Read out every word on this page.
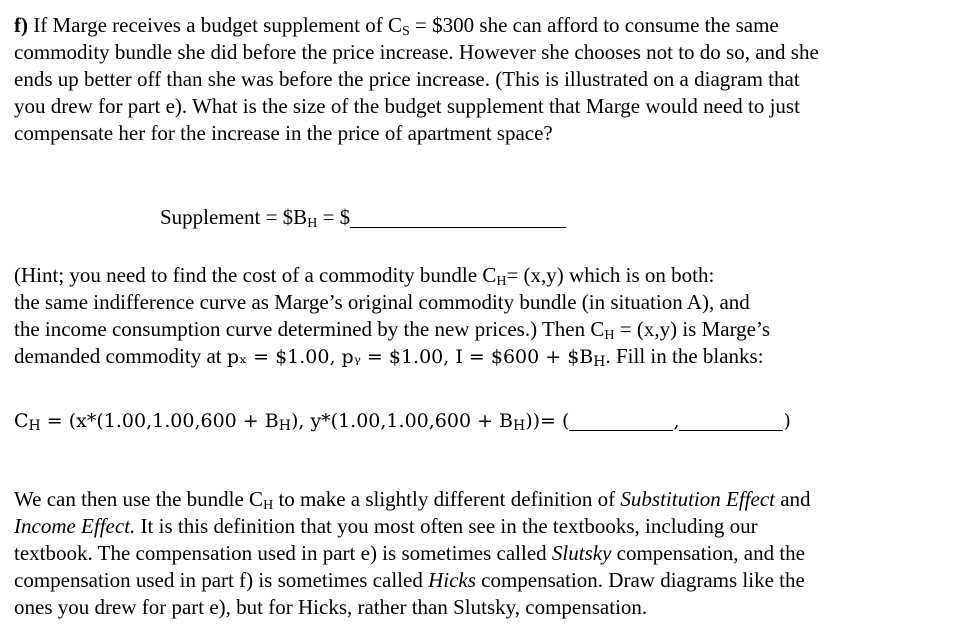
f) If Marge receives a budget supplement of $C_S$ = $300 she can afford to consume the same
commodity bundle she did before the price increase. However she chooses not to do so, and she
ends up better off than she was before the price increase. (This is illustrated on a diagram that
you drew for part e). What is the size of the budget supplement that Marge would need to just
compensate her for the increase in the price of apartment space?
Supplement = $\$B_H$ = $
(Hint; you need to find the cost of a commodity bundle $C_H= (x,y)$ which is on both:
the same indifference curve as Marge’s original commodity bundle (in situation A), and
the income consumption curve determined by the new prices.) Then $C_H = (x,y)$ is Marge’s
demanded commodity at pₓ = $1.00, pᵧ = $1.00, I = $600 + $\$B_H$. Fill in the blanks:
$C_H = (x*(1.00,1.00,600 + B_H)$, $y*(1.00,1.00,600 + B_H))=$ (	,	)
We can then use the bundle $C_H$ to make a slightly different definition of Substitution Effect and
Income Effect. It is this definition that you most often see in the textbooks, including our
textbook. The compensation used in part e) is sometimes called Slutsky compensation, and the
compensation used in part f) is sometimes called Hicks compensation. Draw diagrams like the
ones you drew for part e), but for Hicks, rather than Slutsky, compensation.
